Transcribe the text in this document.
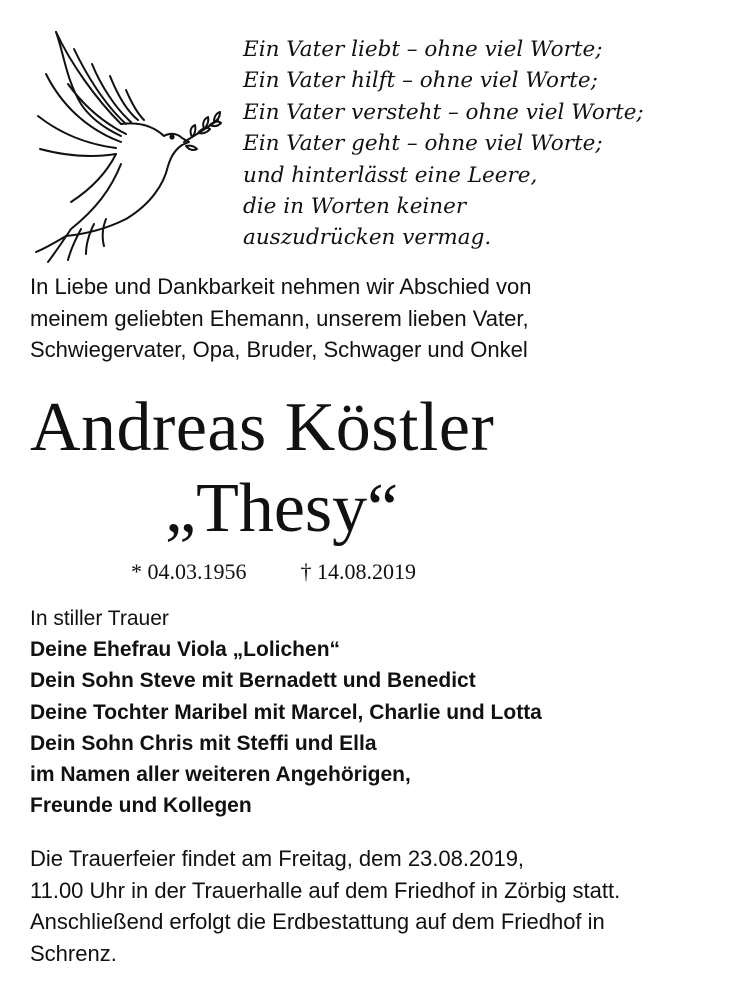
Ein Vater liebt – ohne viel Worte;
Ein Vater hilft – ohne viel Worte;
Ein Vater versteht – ohne viel Worte;
Ein Vater geht – ohne viel Worte;
und hinterlässt eine Leere,
die in Worten keiner
auszudrücken vermag.
In Liebe und Dankbarkeit nehmen wir Abschied von
meinem geliebten Ehemann, unserem lieben Vater,
Schwiegervater, Opa, Bruder, Schwager und Onkel
Andreas Köstler
„Thesy“
* 04.03.1956 † 14.08.2019
In stiller Trauer
Deine Ehefrau Viola „Lolichen“
Dein Sohn Steve mit Bernadett und Benedict
Deine Tochter Maribel mit Marcel, Charlie und Lotta
Dein Sohn Chris mit Steffi und Ella
im Namen aller weiteren Angehörigen,
Freunde und Kollegen
Die Trauerfeier findet am Freitag, dem 23.08.2019,
11.00 Uhr in der Trauerhalle auf dem Friedhof in Zörbig statt.
Anschließend erfolgt die Erdbestattung auf dem Friedhof in
Schrenz.
